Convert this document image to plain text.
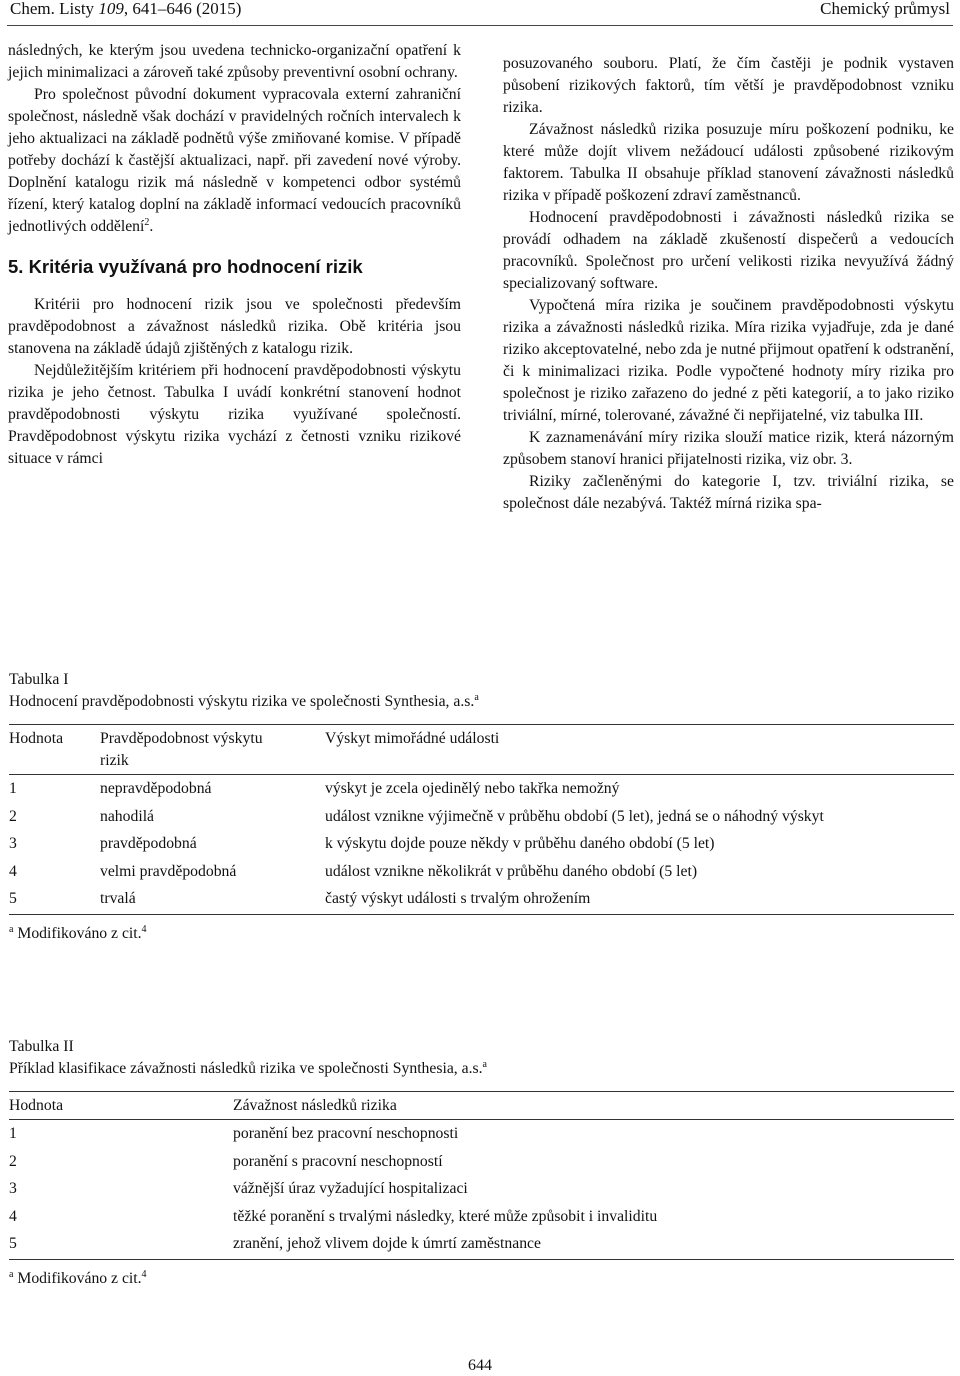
Chem. Listy 109, 641–646 (2015)	Chemický průmysl

následných, ke kterým jsou uvedena technicko-organizační opatření k jejich minimalizaci a zároveň také způsoby preventivní osobní ochrany.

Pro společnost původní dokument vypracovala externí zahraniční společnost, následně však dochází v pravidelných ročních intervalech k jeho aktualizaci na základě podnětů výše zmiňované komise. V případě potřeby dochází k častější aktualizaci, např. při zavedení nové výroby. Doplnění katalogu rizik má následně v kompetenci odbor systémů řízení, který katalog doplní na základě informací vedoucích pracovníků jednotlivých oddělení$^2$.

5. Kritéria využívaná pro hodnocení rizik

Kritérii pro hodnocení rizik jsou ve společnosti především pravděpodobnost a závažnost následků rizika. Obě kritéria jsou stanovena na základě údajů zjištěných z katalogu rizik.

Nejdůležitějším kritériem při hodnocení pravděpodobnosti výskytu rizika je jeho četnost. Tabulka I uvádí konkrétní stanovení hodnot pravděpodobnosti výskytu rizika využívané společností. Pravděpodobnost výskytu rizika vychází z četnosti vzniku rizikové situace v rámci

posuzovaného souboru. Platí, že čím častěji je podnik vystaven působení rizikových faktorů, tím větší je pravděpodobnost vzniku rizika.

Závažnost následků rizika posuzuje míru poškození podniku, ke které může dojít vlivem nežádoucí události způsobené rizikovým faktorem. Tabulka II obsahuje příklad stanovení závažnosti následků rizika v případě poškození zdraví zaměstnanců.

Hodnocení pravděpodobnosti i závažnosti následků rizika se provádí odhadem na základě zkušeností dispečerů a vedoucích pracovníků. Společnost pro určení velikosti rizika nevyužívá žádný specializovaný software.

Vypočtená míra rizika je součinem pravděpodobnosti výskytu rizika a závažnosti následků rizika. Míra rizika vyjadřuje, zda je dané riziko akceptovatelné, nebo zda je nutné přijmout opatření k odstranění, či k minimalizaci rizika. Podle vypočtené hodnoty míry rizika pro společnost je riziko zařazeno do jedné z pěti kategorií, a to jako riziko triviální, mírné, tolerované, závažné či nepřijatelné, viz tabulka III.

K zaznamenávání míry rizika slouží matice rizik, která názorným způsobem stanoví hranici přijatelnosti rizika, viz obr. 3.

Riziky začleněnými do kategorie I, tzv. triviální rizika, se společnost dále nezabývá. Taktéž mírná rizika spa-

Tabulka I
Hodnocení pravděpodobnosti výskytu rizika ve společnosti Synthesia, a.s.$^a$
Hodnota	Pravděpodobnost výskytu rizik	Výskyt mimořádné události
1	nepravděpodobná	výskyt je zcela ojedinělý nebo takřka nemožný
2	nahodilá	událost vznikne výjimečně v průběhu období (5 let), jedná se o náhodný výskyt
3	pravděpodobná	k výskytu dojde pouze někdy v průběhu daného období (5 let)
4	velmi pravděpodobná	událost vznikne několikrát v průběhu daného období (5 let)
5	trvalá	častý výskyt události s trvalým ohrožením
$^a$ Modifikováno z cit.$^4$
Tabulka II
Příklad klasifikace závažnosti následků rizika ve společnosti Synthesia, a.s.$^a$
Hodnota	Závažnost následků rizika
1	poranění bez pracovní neschopnosti
2	poranění s pracovní neschopností
3	vážnější úraz vyžadující hospitalizaci
4	těžké poranění s trvalými následky, které může způsobit i invaliditu
5	zranění, jehož vlivem dojde k úmrtí zaměstnance
$^a$ Modifikováno z cit.$^4$
644
